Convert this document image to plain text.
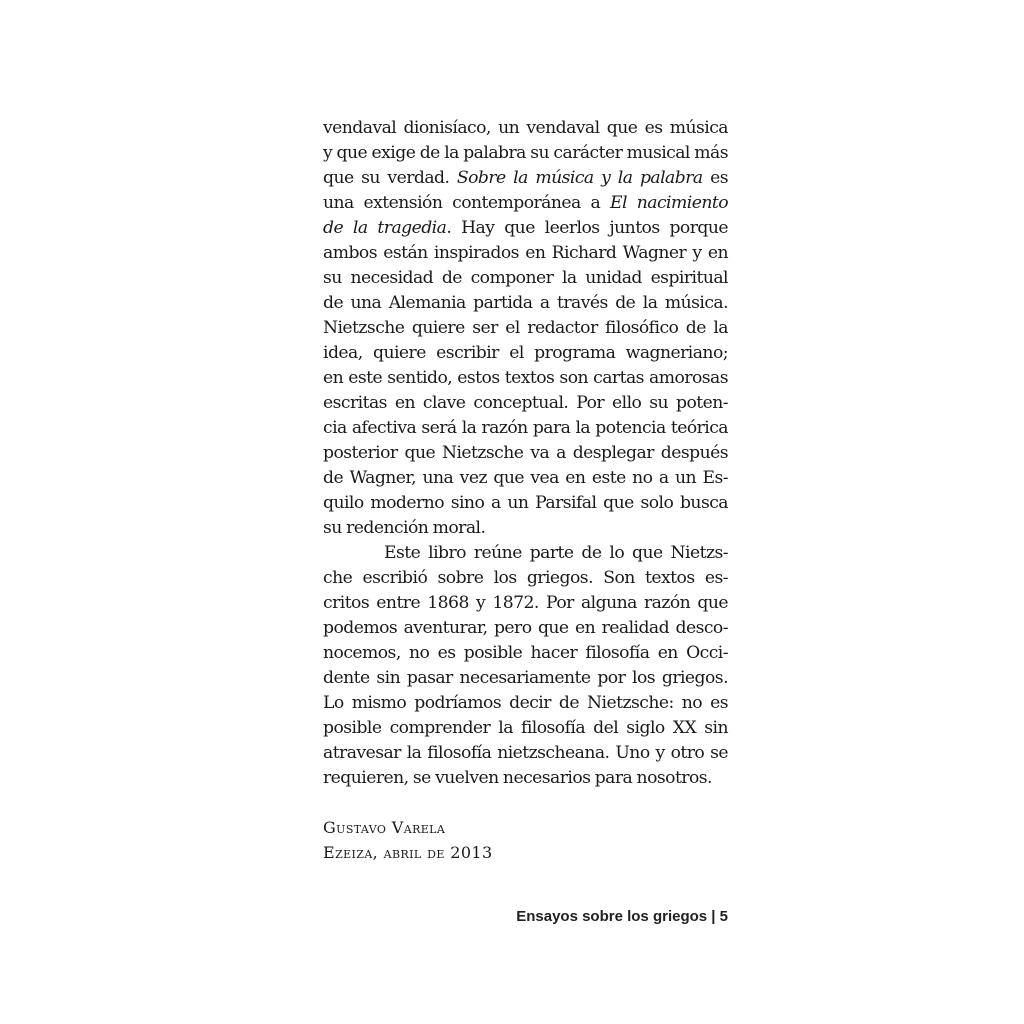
vendaval dionisíaco, un vendaval que es música
y que exige de la palabra su carácter musical más
que su verdad. Sobre la música y la palabra es
una extensión contemporánea a El nacimiento
de la tragedia. Hay que leerlos juntos porque
ambos están inspirados en Richard Wagner y en
su necesidad de componer la unidad espiritual
de una Alemania partida a través de la música.
Nietzsche quiere ser el redactor filosófico de la
idea, quiere escribir el programa wagneriano;
en este sentido, estos textos son cartas amorosas
escritas en clave conceptual. Por ello su poten-
cia afectiva será la razón para la potencia teórica
posterior que Nietzsche va a desplegar después
de Wagner, una vez que vea en este no a un Es-
quilo moderno sino a un Parsifal que solo busca
su redención moral.
Este libro reúne parte de lo que Nietzs-
che escribió sobre los griegos. Son textos es-
critos entre 1868 y 1872. Por alguna razón que
podemos aventurar, pero que en realidad desco-
nocemos, no es posible hacer filosofía en Occi-
dente sin pasar necesariamente por los griegos.
Lo mismo podríamos decir de Nietzsche: no es
posible comprender la filosofía del siglo XX sin
atravesar la filosofía nietzscheana. Uno y otro se
requieren, se vuelven necesarios para nosotros.
Gustavo Varela
Ezeiza, abril de 2013
Ensayos sobre los griegos | 5
